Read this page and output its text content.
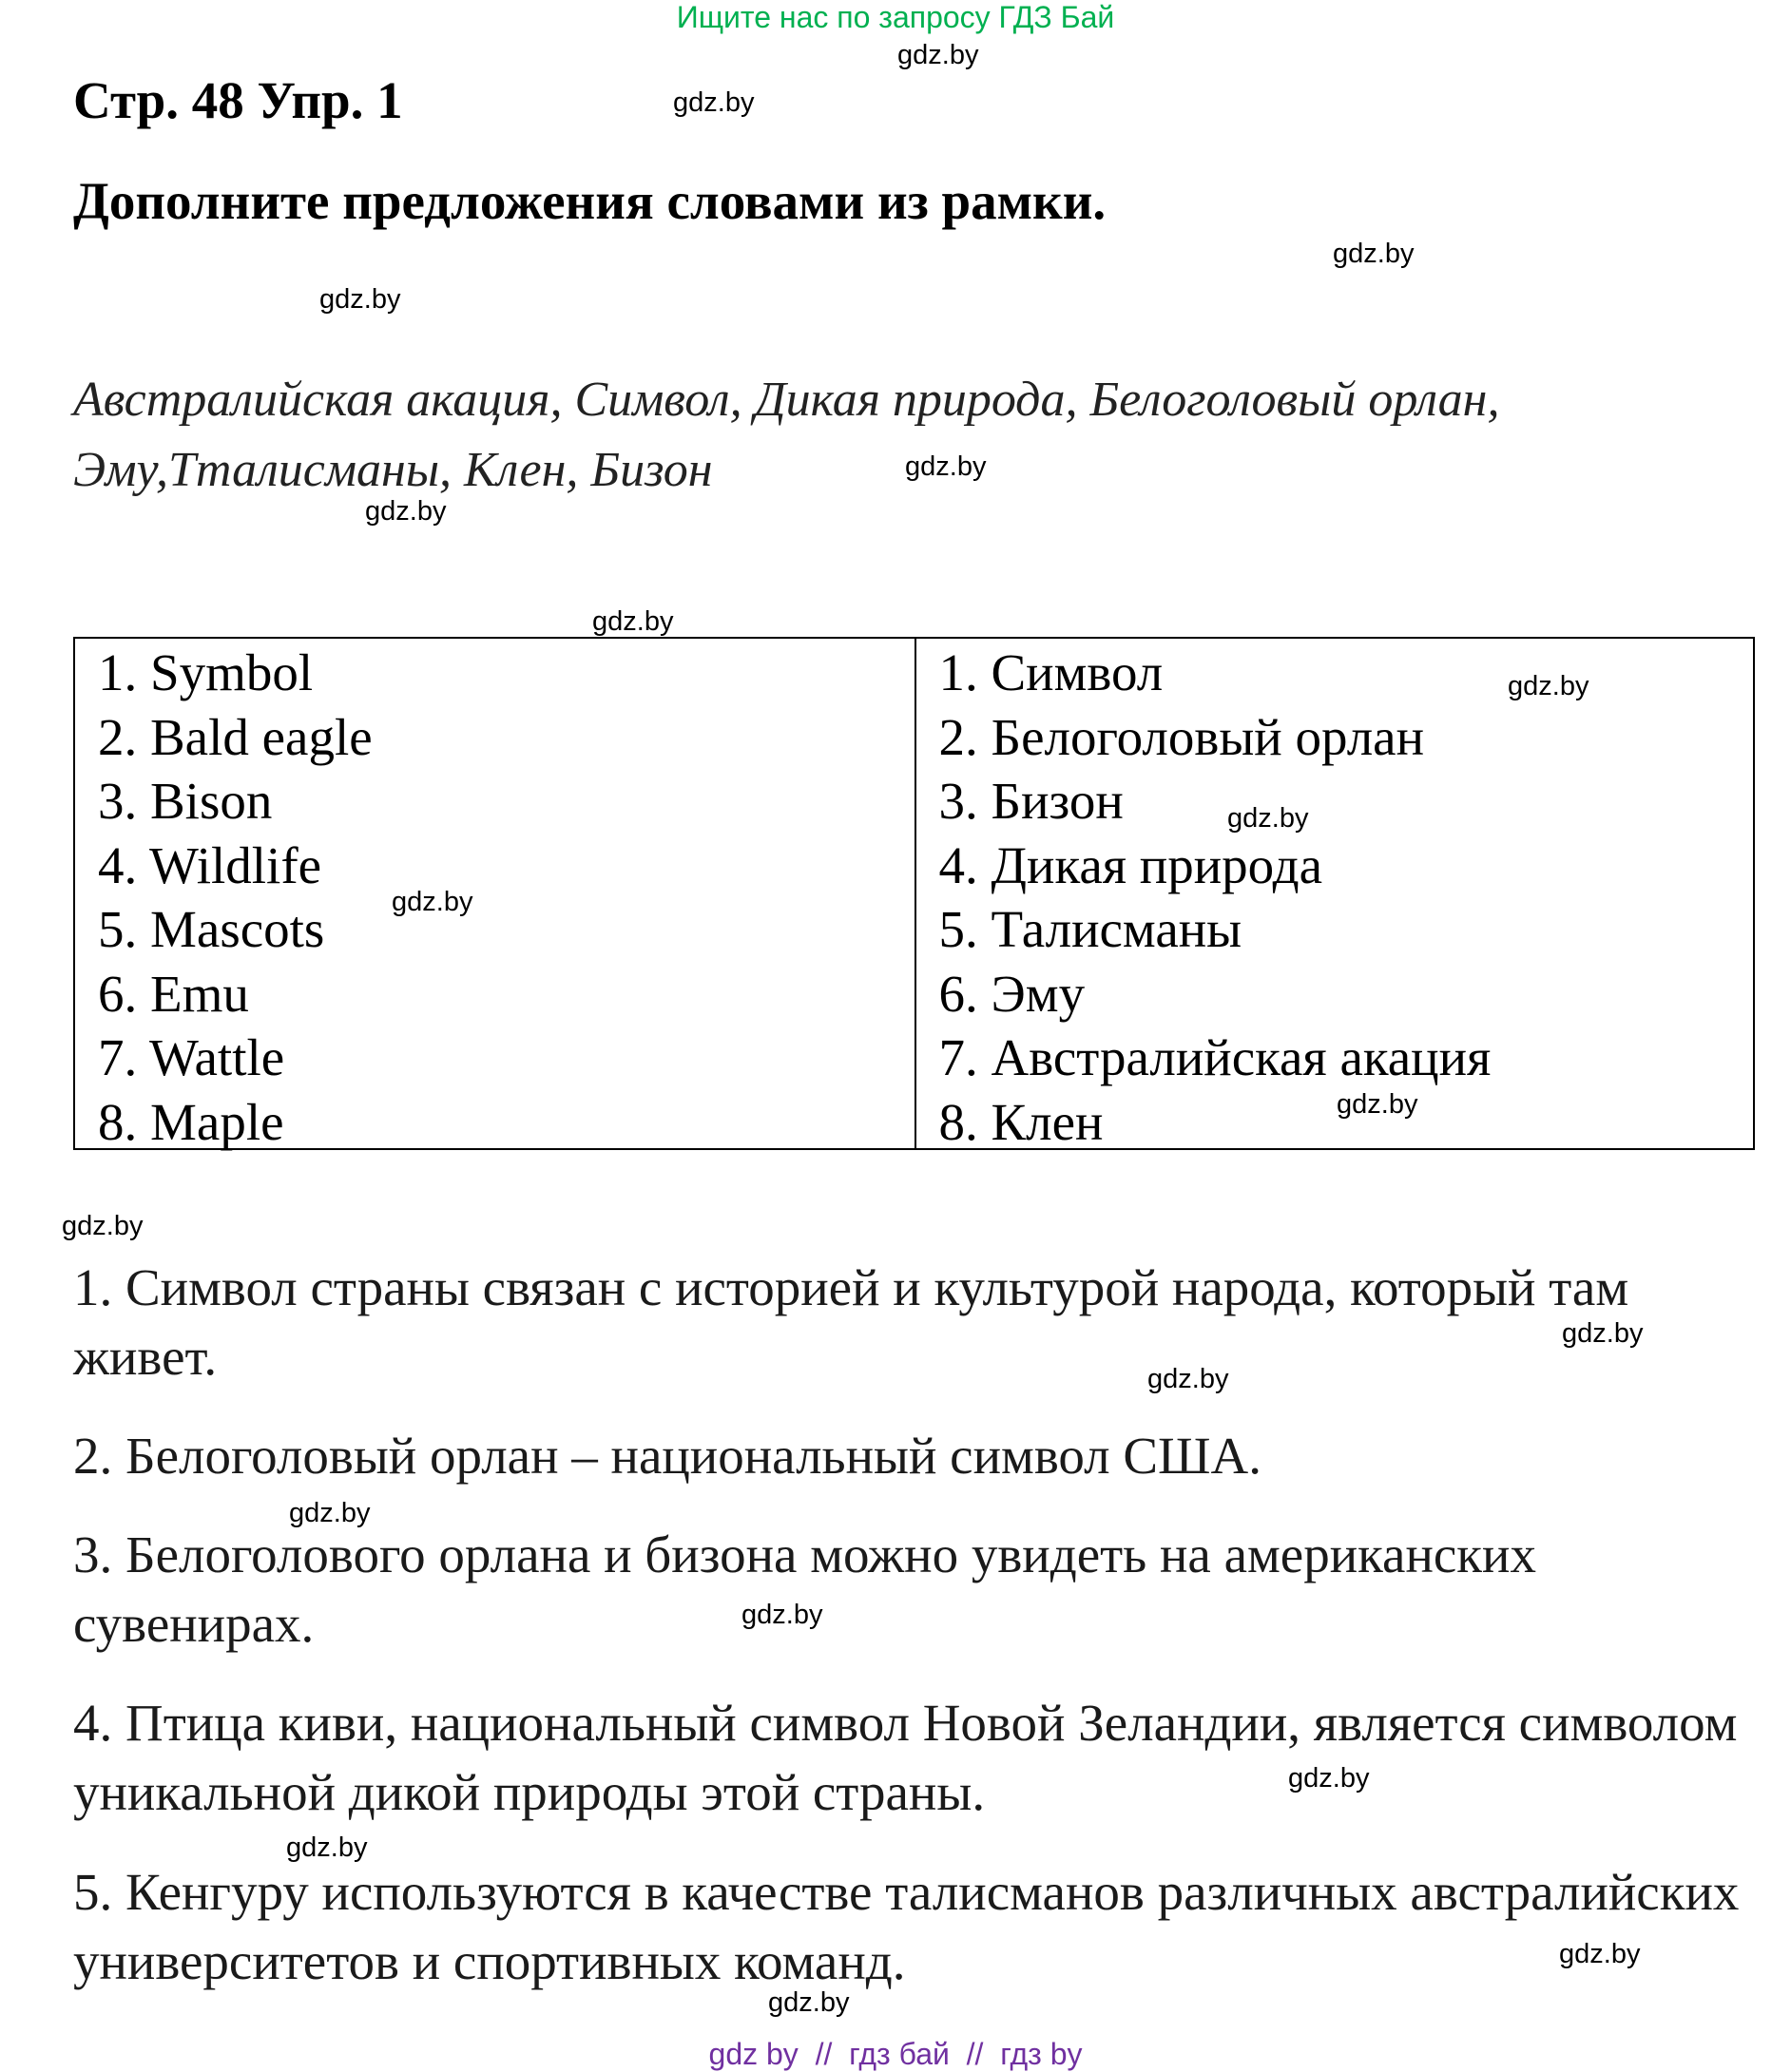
Ищите нас по запросу ГДЗ Бай
Стр. 48 Упр. 1
Дополните предложения словами из рамки.
Австралийская акация, Символ, Дикая природа, Белоголовый орлан,
Эму,Тталисманы, Клен, Бизон
1. Symbol
2. Bald eagle
3. Bison
4. Wildlife
5. Mascots
6. Emu
7. Wattle
8. Maple
1. Символ
2. Белоголовый орлан
3. Бизон
4. Дикая природа
5. Талисманы
6. Эму
7. Австралийская акация
8. Клен
1. Символ страны связан с историей и культурой народа, который там живет.
2. Белоголовый орлан – национальный символ США.
3. Белоголового орлана и бизона можно увидеть на американских сувенирах.
4. Птица киви, национальный символ Новой Зеландии, является символом уникальной дикой природы этой страны.
5. Кенгуру используются в качестве талисманов различных австралийских университетов и спортивных команд.
gdz.by
gdz.by
gdz.by
gdz.by
gdz.by
gdz.by
gdz.by
gdz.by
gdz.by
gdz.by
gdz.by
gdz.by
gdz.by
gdz.by
gdz.by
gdz.by
gdz.by
gdz.by
gdz.by
gdz.by
gdz by  //  гдз бай  //  гдз by
